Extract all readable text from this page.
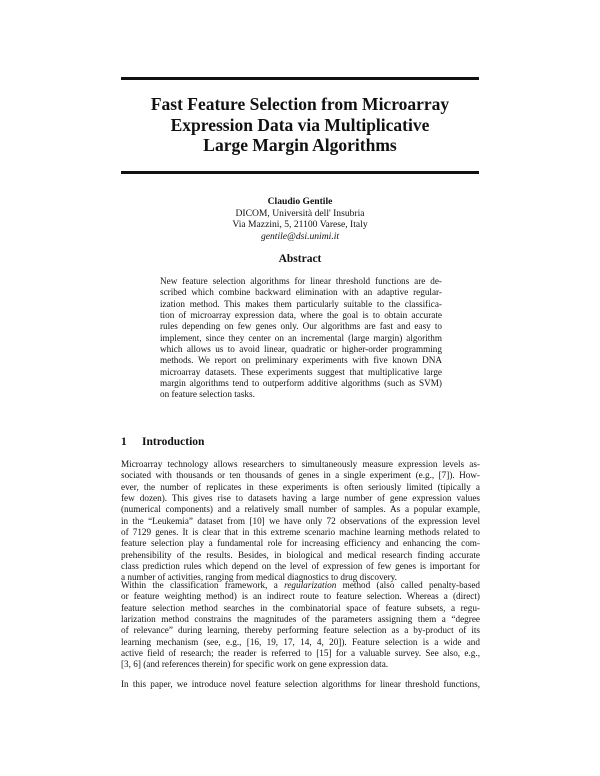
Fast Feature Selection from Microarray
Expression Data via Multiplicative
Large Margin Algorithms
Claudio Gentile
DICOM, Università dell' Insubria
Via Mazzini, 5, 21100 Varese, Italy
gentile@dsi.unimi.it
Abstract
New feature selection algorithms for linear threshold functions are de-
scribed which combine backward elimination with an adaptive regular-
ization method. This makes them particularly suitable to the classifica-
tion of microarray expression data, where the goal is to obtain accurate
rules depending on few genes only. Our algorithms are fast and easy to
implement, since they center on an incremental (large margin) algorithm
which allows us to avoid linear, quadratic or higher-order programming
methods. We report on preliminary experiments with five known DNA
microarray datasets. These experiments suggest that multiplicative large
margin algorithms tend to outperform additive algorithms (such as SVM)
on feature selection tasks.
1 Introduction
Microarray technology allows researchers to simultaneously measure expression levels as-
sociated with thousands or ten thousands of genes in a single experiment (e.g., [7]). How-
ever, the number of replicates in these experiments is often seriously limited (tipically a
few dozen). This gives rise to datasets having a large number of gene expression values
(numerical components) and a relatively small number of samples. As a popular example,
in the “Leukemia” dataset from [10] we have only 72 observations of the expression level
of 7129 genes. It is clear that in this extreme scenario machine learning methods related to
feature selection play a fundamental role for increasing efficiency and enhancing the com-
prehensibility of the results. Besides, in biological and medical research finding accurate
class prediction rules which depend on the level of expression of few genes is important for
a number of activities, ranging from medical diagnostics to drug discovery.
Within the classification framework, a regularization method (also called penalty-based
or feature weighting method) is an indirect route to feature selection. Whereas a (direct)
feature selection method searches in the combinatorial space of feature subsets, a regu-
larization method constrains the magnitudes of the parameters assigning them a “degree
of relevance” during learning, thereby performing feature selection as a by-product of its
learning mechanism (see, e.g., [16, 19, 17, 14, 4, 20]). Feature selection is a wide and
active field of research; the reader is referred to [15] for a valuable survey. See also, e.g.,
[3, 6] (and references therein) for specific work on gene expression data.
In this paper, we introduce novel feature selection algorithms for linear threshold functions,
